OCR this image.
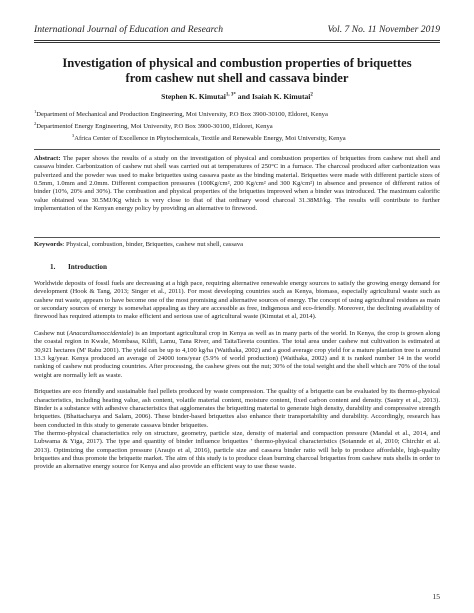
International Journal of Education and Research	Vol. 7 No. 11 November 2019
Investigation of physical and combustion properties of briquettes
from cashew nut shell and cassava binder
Stephen K. Kimutai$^{1, 3*}$ and Isaiah K. Kimutai$^2$
$^1$Department of Mechanical and Production Engineering, Moi University, P.O Box 3900-30100, Eldoret, Kenya
$^2$Departmentof Energy Engineering, Moi University, P.O Box 3900-30100, Eldoret, Kenya
$^3$Africa Center of Excellence in Phytochemicals, Textile and Renewable Energy, Moi University, Kenya
Abstract: The paper shows the results of a study on the investigation of physical and combustion properties of briquettes from cashew nut shell and cassava binder. Carbonization of cashew nut shell was carried out at temperatures of 250°C in a furnace. The charcoal produced after carbonization was pulverized and the powder was used to make briquettes using cassava paste as the binding material. Briquettes were made with different particle sizes of 0.5mm, 1.0mm and 2.0mm. Different compaction pressures (100Kg/cm², 200 Kg/cm² and 300 Kg/cm²) in absence and presence of different ratios of binder (10%, 20% and 30%). The combustion and physical properties of the briquettes improved when a binder was introduced. The maximum calorific value obtained was 30.5MJ/Kg which is very close to that of that ordinary wood charcoal 31.38MJ/kg. The results will contribute to further implementation of the Kenyan energy policy by providing an alternative to firewood.
Keywords: Physical, combustion, binder, Briquettes, cashew nut shell, cassava
1. Introduction

Worldwide deposits of fossil fuels are decreasing at a high pace, requiring alternative renewable energy sources to satisfy the growing energy demand for development (Hook & Tang, 2013; Singer et al., 2011). For most developing countries such as Kenya, biomass, especially agricultural waste such as cashew nut waste, appears to have become one of the most promising and alternative sources of energy. The concept of using agricultural residues as main or secondary sources of energy is somewhat appealing as they are accessible as free, indigenous and eco-friendly. Moreover, the declining availability of firewood has required attempts to make efficient and serious use of agricultural waste (Kimutai et al, 2014).

Cashew nut (Anacardiumoccidentale) is an important agricultural crop in Kenya as well as in many parts of the world. In Kenya, the crop is grown along the coastal region in Kwale, Mombasa, Kilifi, Lamu, Tana River, and TaitaTaveta counties. The total area under cashew nut cultivation is estimated at 30,921 hectares (M' Rabu 2001). The yield can be up to 4,100 kg/ha (Waithaka, 2002) and a good average crop yield for a mature plantation tree is around 13.3 kg/year. Kenya produced an average of 24000 tons/year (5.9% of world production) (Waithaka, 2002) and it is ranked number 14 in the world ranking of cashew nut producing countries. After processing, the cashew gives out the nut; 30% of the total weight and the shell which are 70% of the total weight are normally left as waste.

Briquettes are eco friendly and sustainable fuel pellets produced by waste compression. The quality of a briquette can be evaluated by its thermo-physical characteristics, including heating value, ash content, volatile material content, moisture content, fixed carbon content and density. (Sastry et al., 2013). Binder is a substance with adhesive characteristics that agglomerates the briquetting material to generate high density, durability and compressive strength briquettes. (Bhattacharya and Salam, 2006). These binder-based briquettes also enhance their transportability and durability. Accordingly, research has been conducted in this study to generate cassava binder briquettes.

The thermo-physical characteristics rely on structure, geometry, particle size, density of material and compaction pressure (Mandal et al., 2014, and Lubwama & Yiga, 2017). The type and quantity of binder influence briquettes ' thermo-physical characteristics (Sotannde et al, 2010; Chirchir et al. 2013). Optimizing the compaction pressure (Araujo et al, 2016), particle size and cassava binder ratio will help to produce affordable, high-quality briquettes and thus promote the briquette market. The aim of this study is to produce clean burning charcoal briquettes from cashew nuts shells in order to provide an alternative energy source for Kenya and also provide an efficient way to use these waste.

15
